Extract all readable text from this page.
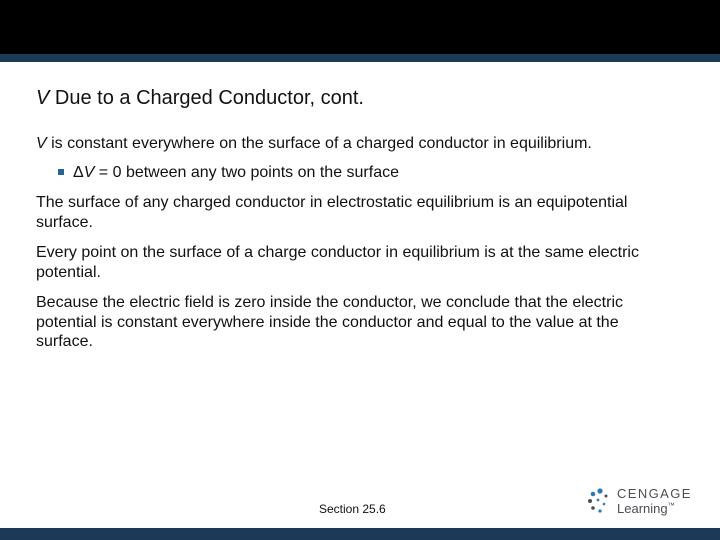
V Due to a Charged Conductor, cont.
V is constant everywhere on the surface of a charged conductor in equilibrium.
ΔV = 0 between any two points on the surface
The surface of any charged conductor in electrostatic equilibrium is an equipotential surface.
Every point on the surface of a charge conductor in equilibrium is at the same electric potential.
Because the electric field is zero inside the conductor, we conclude that the electric potential is constant everywhere inside the conductor and equal to the value at the surface.
Section 25.6
CENGAGE
Learning™
